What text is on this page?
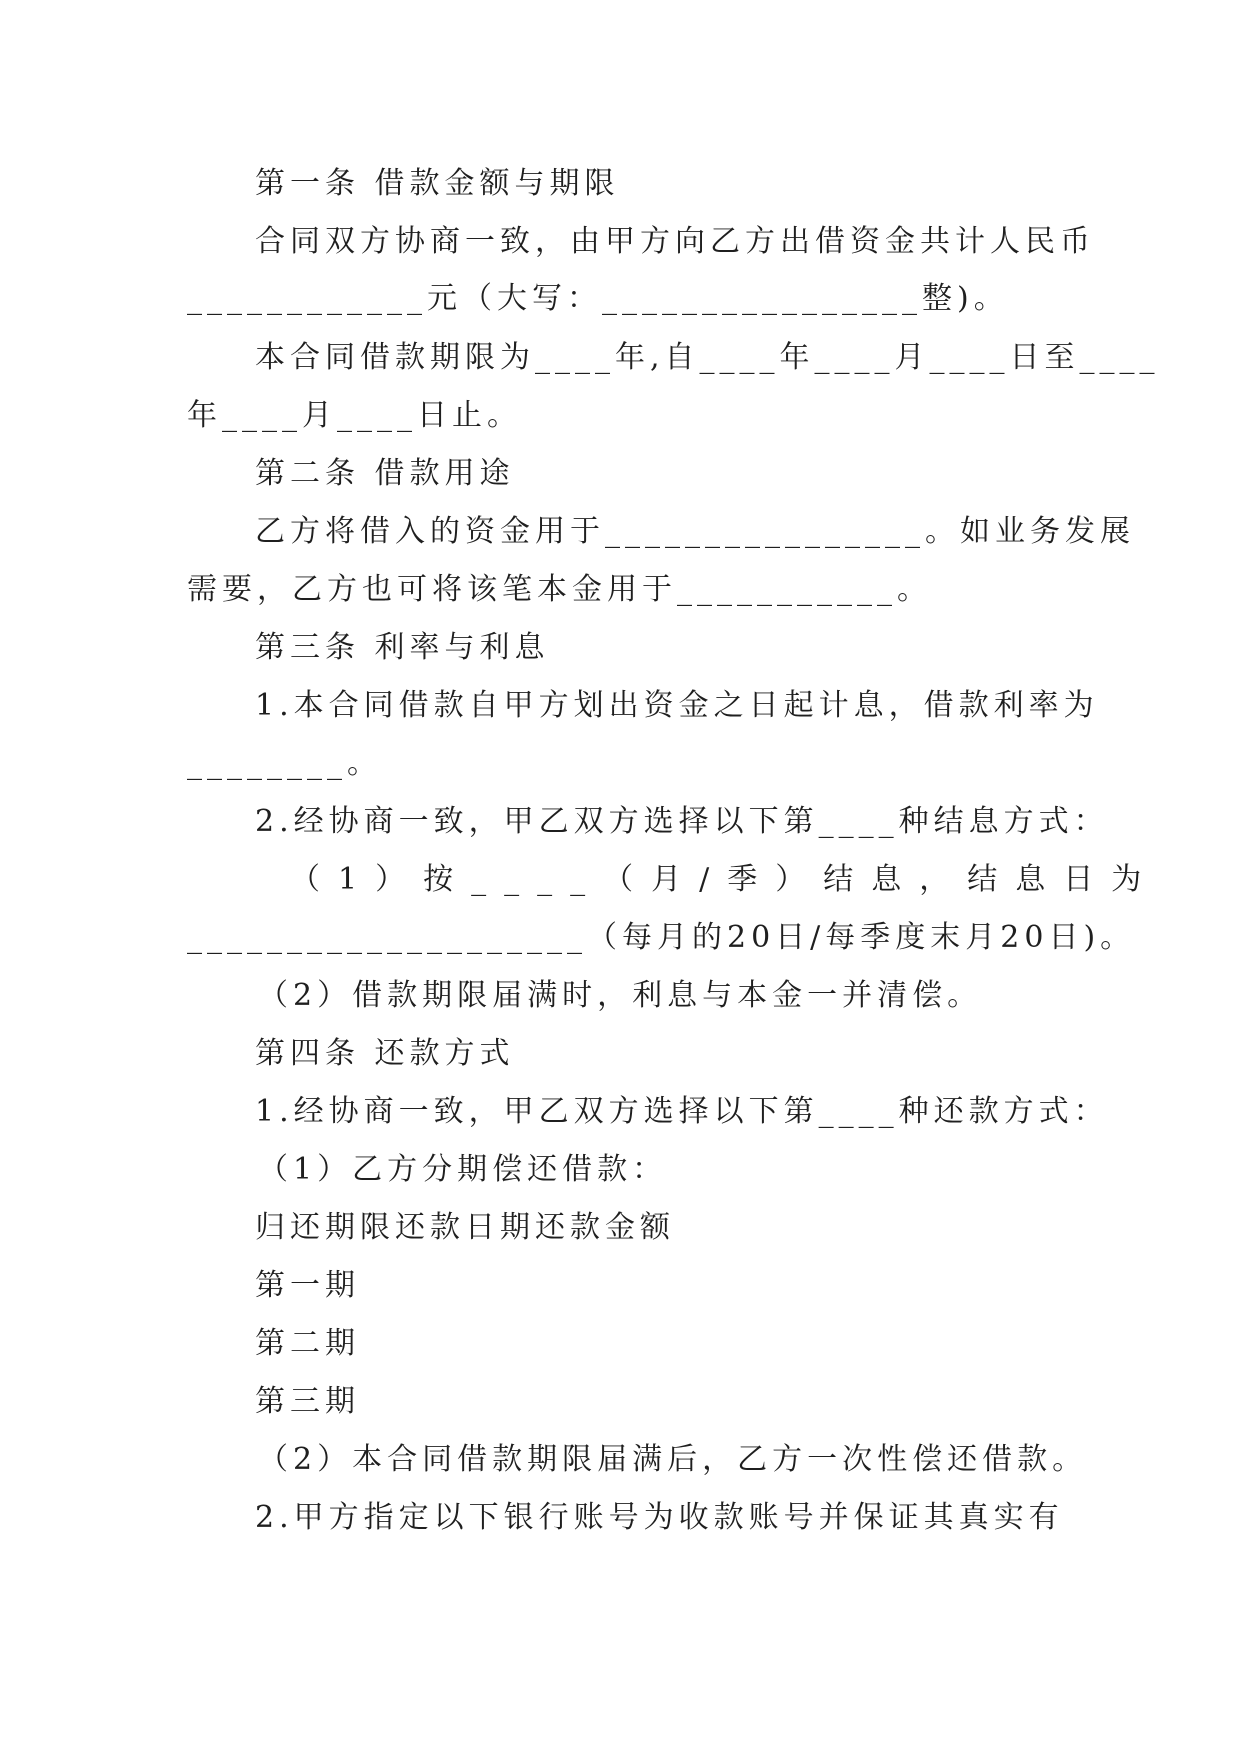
第一条 借款金额与期限
合同双方协商一致，由甲方向乙方出借资金共计人民币
____________元（大写：________________整)。
本合同借款期限为____年,自____年____月____日至____
年____月____日止。
第二条 借款用途
乙方将借入的资金用于________________。如业务发展
需要，乙方也可将该笔本金用于___________。
第三条 利率与利息
1.本合同借款自甲方划出资金之日起计息，借款利率为
________。
2.经协商一致，甲乙双方选择以下第____种结息方式：
（1）按____（月/季）结息，结息日为
____________________（每月的20日/每季度末月20日)。
（2）借款期限届满时，利息与本金一并清偿。
第四条 还款方式
1.经协商一致，甲乙双方选择以下第____种还款方式：
（1）乙方分期偿还借款：
归还期限还款日期还款金额
第一期
第二期
第三期
（2）本合同借款期限届满后，乙方一次性偿还借款。
2.甲方指定以下银行账号为收款账号并保证其真实有
